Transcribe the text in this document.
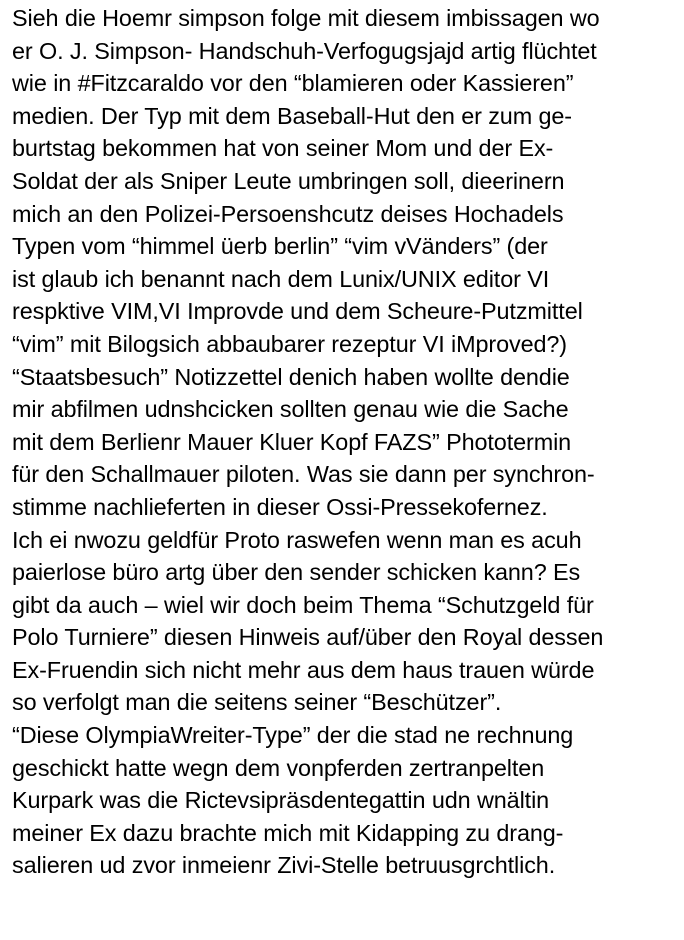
Sieh die Hoemr simpson folge mit diesem imbissagen wo
er O. J. Simpson- Handschuh-Verfogugsjajd artig flüchtet
wie in #Fitzcaraldo vor den “blamieren oder Kassieren”
medien. Der Typ mit dem Baseball-Hut den er zum ge-
burtstag bekommen hat von seiner Mom und der Ex-
Soldat der als Sniper Leute umbringen soll, dieerinern
mich an den Polizei-Persoenshcutz deises Hochadels
Typen vom “himmel üerb berlin” “vim vVänders” (der
ist glaub ich benannt nach dem Lunix/UNIX editor VI
respktive VIM,VI Improvde und dem Scheure-Putzmittel
“vim” mit Bilogsich abbaubarer rezeptur VI iMproved?)
“Staatsbesuch” Notizzettel denich haben wollte dendie
mir abfilmen udnshcicken sollten genau wie die Sache
mit dem Berlienr Mauer Kluer Kopf FAZS” Phototermin
für den Schallmauer piloten. Was sie dann per synchron-
stimme nachlieferten in dieser Ossi-Pressekofernez.
Ich ei nwozu geldfür Proto raswefen wenn man es acuh
paierlose büro artg über den sender schicken kann? Es
gibt da auch – wiel wir doch beim Thema “Schutzgeld für
Polo Turniere” diesen Hinweis auf/über den Royal dessen
Ex-Fruendin sich nicht mehr aus dem haus trauen würde
so verfolgt man die seitens seiner “Beschützer”.
“Diese OlympiaWreiter-Type” der die stad ne rechnung
geschickt hatte wegn dem vonpferden zertranpelten
Kurpark was die Rictevsipräsdentegattin udn wnältin
meiner Ex dazu brachte mich mit Kidapping zu drang-
salieren ud zvor inmeienr Zivi-Stelle betruusgrchtlich.
